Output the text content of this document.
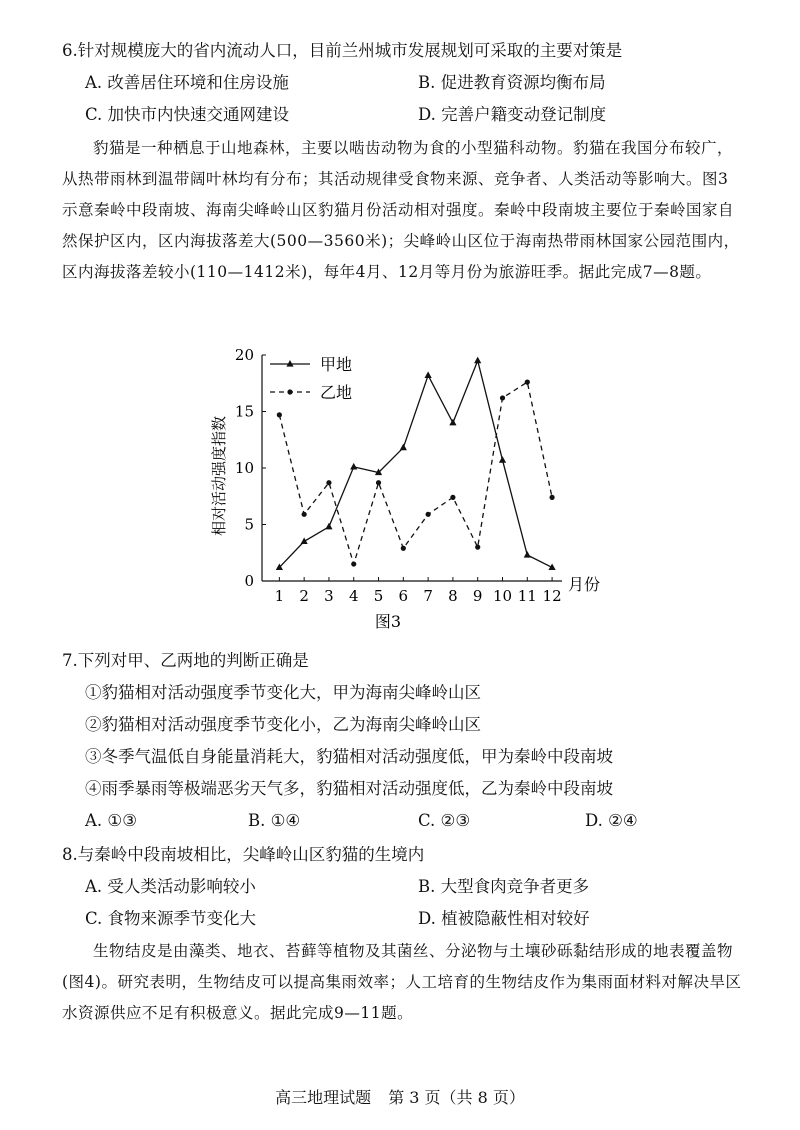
6.针对规模庞大的省内流动人口，目前兰州城市发展规划可采取的主要对策是
A. 改善居住环境和住房设施	B. 促进教育资源均衡布局
C. 加快市内快速交通网建设	D. 完善户籍变动登记制度
豹猫是一种栖息于山地森林，主要以啮齿动物为食的小型猫科动物。豹猫在我国分布较广，从热带雨林到温带阔叶林均有分布；其活动规律受食物来源、竞争者、人类活动等影响大。图3示意秦岭中段南坡、海南尖峰岭山区豹猫月份活动相对强度。秦岭中段南坡主要位于秦岭国家自然保护区内，区内海拔落差大(500—3560米)；尖峰岭山区位于海南热带雨林国家公园范围内，区内海拔落差较小(110—1412米)，每年4月、12月等月份为旅游旺季。据此完成7—8题。
0
5
10
15
20
1 2 3 4 5 6 7 8 9 10 11 12
甲地
乙地
相对活动强度指数
月份
图3
7.下列对甲、乙两地的判断正确是
①豹猫相对活动强度季节变化大，甲为海南尖峰岭山区
②豹猫相对活动强度季节变化小，乙为海南尖峰岭山区
③冬季气温低自身能量消耗大，豹猫相对活动强度低，甲为秦岭中段南坡
④雨季暴雨等极端恶劣天气多，豹猫相对活动强度低，乙为秦岭中段南坡
A. ①③	B. ①④	C. ②③	D. ②④
8.与秦岭中段南坡相比，尖峰岭山区豹猫的生境内
A. 受人类活动影响较小	B. 大型食肉竞争者更多
C. 食物来源季节变化大	D. 植被隐蔽性相对较好
生物结皮是由藻类、地衣、苔藓等植物及其菌丝、分泌物与土壤砂砾黏结形成的地表覆盖物(图4)。研究表明，生物结皮可以提高集雨效率；人工培育的生物结皮作为集雨面材料对解决旱区水资源供应不足有积极意义。据此完成9—11题。
高三地理试题 第 3 页（共 8 页）
